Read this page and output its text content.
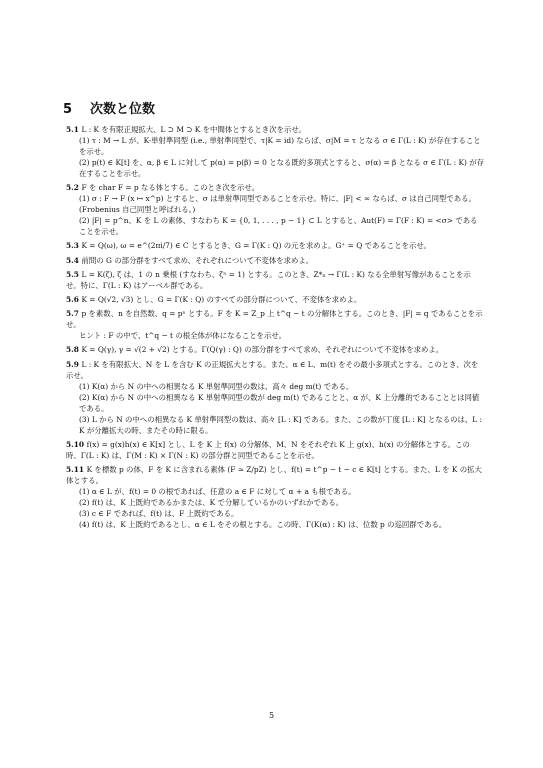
5 次数と位数
5.1 L : K を有限正規拡大、L ⊃ M ⊃ K を中間体とするとき次を示せ。
(1) τ : M → L が、K-単射準同型 (i.e., 単射準同型で、τ|K = id) ならば、σ|M = τ となる σ ∈ Γ(L : K) が存在することを示せ。
(2) p(t) ∈ K[t] を、α, β ∈ L に対して p(α) = p(β) = 0 となる既約多項式とすると、σ(α) = β となる σ ∈ Γ(L : K) が存在することを示せ。
5.2 F を char F = p なる体とする。このとき次を示せ。
(1) σ : F → F (x ↦ x^p) とすると、σ は単射準同型であることを示せ。特に、|F| < ∞ ならば、σ は自己同型である。(Frobenius 自己同型と呼ばれる。)
(2) |F| = p^n、K を L の素体、すなわち K = {0, 1, . . . , p − 1} ⊂ L とすると、Aut(F) = Γ(F : K) = <σ> であることを示せ。
5.3 K = Q(ω), ω = e^(2πi/7) ∈ C とするとき、G = Γ(K : Q) の元を求めよ。G⁺ = Q であることを示せ。
5.4 前問の G の部分群をすべて求め、それぞれについて不変体を求めよ。
5.5 L = K(ζ), ζ は、1 の n 乗根 (すなわち、ζⁿ = 1) とする。このとき、Z*ₙ → Γ(L : K) なる全単射写像があることを示せ。特に、Γ(L : K) はアーベル群である。
5.6 K = Q(√2, √3) とし、G = Γ(K : Q) のすべての部分群について、不変体を求めよ。
5.7 p を素数、n を自然数、q = pⁿ とする。F を K = Z_p 上 t^q − t の分解体とする。このとき、|F| = q であることを示せ。
ヒント : F の中で、t^q − t の根全体が体になることを示せ。
5.8 K = Q(γ), γ = √(2 + √2) とする。Γ(Q(γ) : Q) の部分群をすべて求め、それぞれについて不変体を求めよ。
5.9 L : K を有限拡大、N を L を含む K の正規拡大とする。また、α ∈ L、m(t) をその最小多項式とする。このとき、次を示せ。
(1) K(α) から N の中への相異なる K 単射準同型の数は、高々 deg m(t) である。
(2) K(α) から N の中への相異なる K 単射準同型の数が deg m(t) であることと、α が、K 上分離的であることとは同値である。
(3) L から N の中への相異なる K 単射準同型の数は、高々 [L : K] である。また、この数が丁度 [L : K] となるのは、L : K が分離拡大の時、またその時に限る。
5.10 f(x) = g(x)h(x) ∈ K[x] とし、L を K 上 f(x) の分解体、M、N をそれぞれ K 上 g(x)、h(x) の分解体とする。この時、Γ(L : K) は、Γ(M : K) × Γ(N : K) の部分群と同型であることを示せ。
5.11 K を標数 p の体、F を K に含まれる素体 (F ≃ Z/pZ) とし、f(t) = t^p − t − c ∈ K[t] とする。また、L を K の拡大体とする。
(1) α ∈ L が、f(t) = 0 の根であれば、任意の a ∈ F に対して α + a も根である。
(2) f(t) は、K 上既約であるかまたは、K で分解しているかのいずれかである。
(3) c ∈ F であれば、f(t) は、F 上既約である。
(4) f(t) は、K 上既約であるとし、α ∈ L をその根とする。この時、Γ(K(α) : K) は、位数 p の巡回群である。
5
